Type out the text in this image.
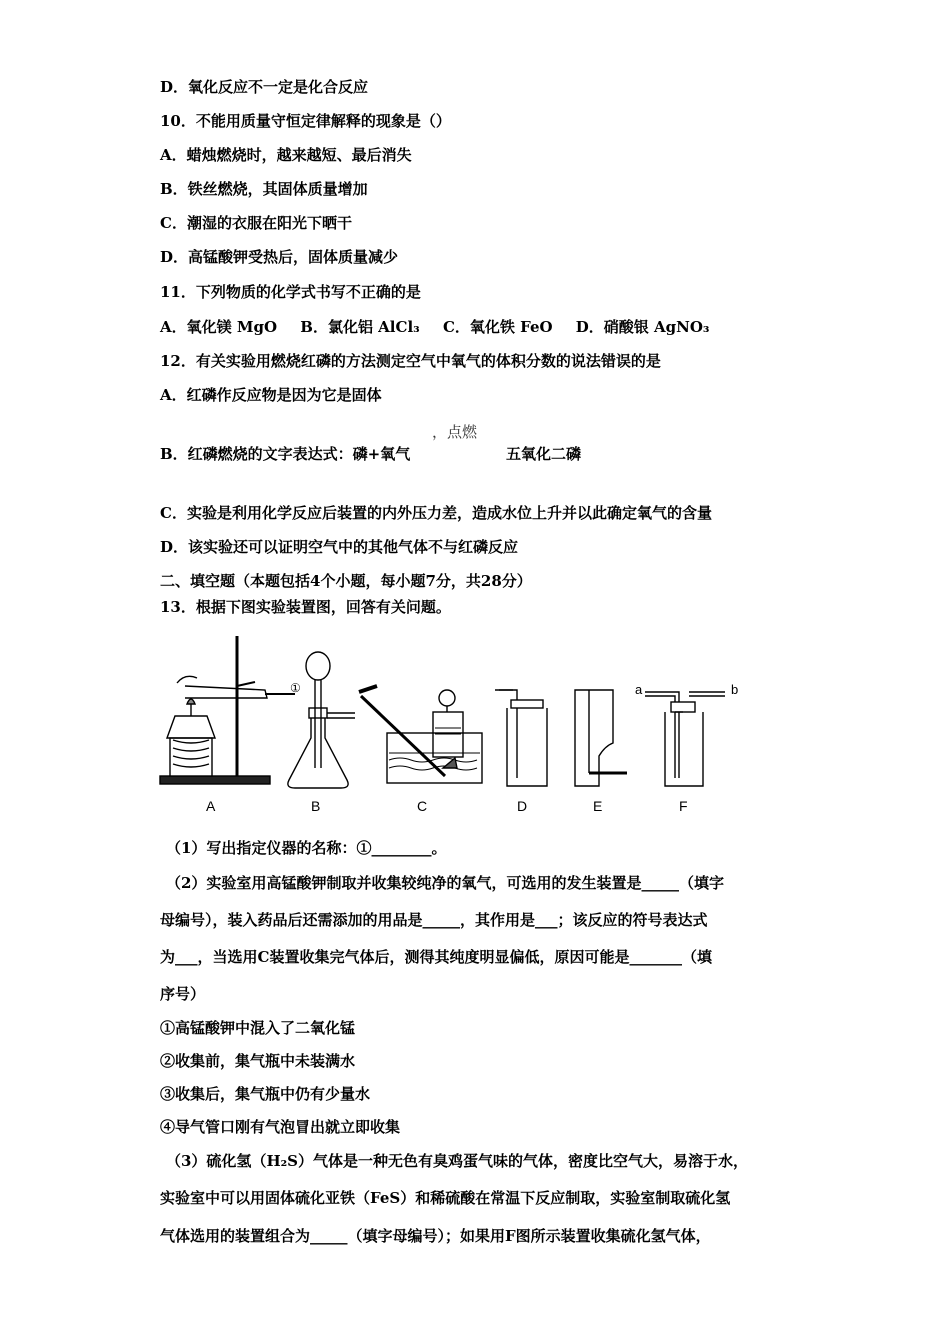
D．氧化反应不一定是化合反应
10．不能用质量守恒定律解释的现象是（）
A．蜡烛燃烧时，越来越短、最后消失
B．铁丝燃烧，其固体质量增加
C．潮湿的衣服在阳光下晒干
D．高锰酸钾受热后，固体质量减少
11．下列物质的化学式书写不正确的是
A．氧化镁 MgO B．氯化铝 AlCl₃ C．氧化铁 FeO D．硝酸银 AgNO₃
12．有关实验用燃烧红磷的方法测定空气中氧气的体积分数的说法错误的是
A．红磷作反应物是因为它是固体
，点燃
B．红磷燃烧的文字表达式：磷+氧气	五氧化二磷
C．实验是利用化学反应后装置的内外压力差，造成水位上升并以此确定氧气的含量
D．该实验还可以证明空气中的其他气体不与红磷反应
二、填空题（本题包括4个小题，每小题7分，共28分）
13．根据下图实验装置图，回答有关问题。
①	a	b
A	B	C	D	E	F
（1）写出指定仪器的名称：①________。
（2）实验室用高锰酸钾制取并收集较纯净的氧气，可选用的发生装置是_____（填字
母编号），装入药品后还需添加的用品是_____，其作用是___；该反应的符号表达式
为___，当选用C装置收集完气体后，测得其纯度明显偏低，原因可能是_______（填
序号）
①高锰酸钾中混入了二氧化锰
②收集前，集气瓶中未装满水
③收集后，集气瓶中仍有少量水
④导气管口刚有气泡冒出就立即收集
（3）硫化氢（H₂S）气体是一种无色有臭鸡蛋气味的气体，密度比空气大，易溶于水，
实验室中可以用固体硫化亚铁（FeS）和稀硫酸在常温下反应制取，实验室制取硫化氢
气体选用的装置组合为_____（填字母编号）；如果用F图所示装置收集硫化氢气体，
